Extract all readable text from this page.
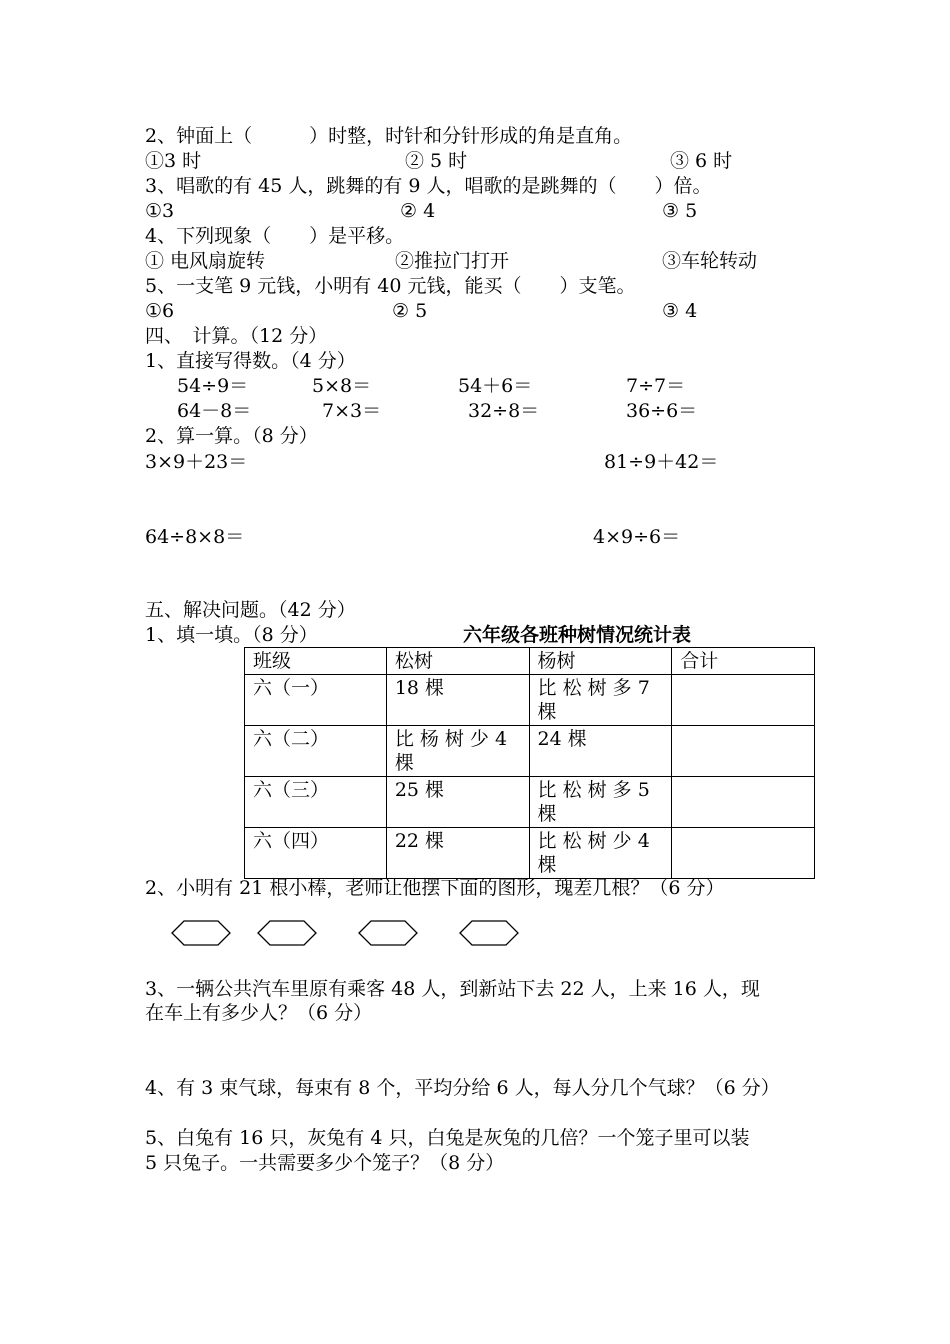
2、钟面上（　　　）时整，时针和分针形成的角是直角。
①3 时	② 5 时	③ 6 时
3、唱歌的有 45 人，跳舞的有 9 人，唱歌的是跳舞的（　　）倍。
①3	② 4	③ 5
4、下列现象（　　）是平移。
① 电风扇旋转	②推拉门打开	③车轮转动
5、一支笔 9 元钱，小明有 40 元钱，能买（　　）支笔。
①6	② 5	③ 4
四、　计算。（12 分）
1、直接写得数。（4 分）
54÷9＝	5×8＝	54＋6＝	7÷7＝
64－8＝	7×3＝	32÷8＝	36÷6＝
2、算一算。（8 分）
3×9＋23＝	81÷9＋42＝
64÷8×8＝	4×9÷6＝
五、解决问题。（42 分）
1、填一填。（8 分）	六年级各班种树情况统计表
班级	松树	杨树	合计
六（一）	18 棵	比 松 树 多 7 棵	
六（二）	比 杨 树 少 4 棵	24 棵	
六（三）	25 棵	比 松 树 多 5 棵	
六（四）	22 棵	比 松 树 少 4 棵	
2、小明有 21 根小棒，老师让他摆下面的图形，瑰差几根？（6 分）
3、一辆公共汽车里原有乘客 48 人，到新站下去 22 人，上来 16 人，现
在车上有多少人？（6 分）
4、有 3 束气球，每束有 8 个，平均分给 6 人，每人分几个气球？（6 分）
5、白兔有 16 只，灰兔有 4 只，白兔是灰兔的几倍？一个笼子里可以装
5 只兔子。一共需要多少个笼子？（8 分）
